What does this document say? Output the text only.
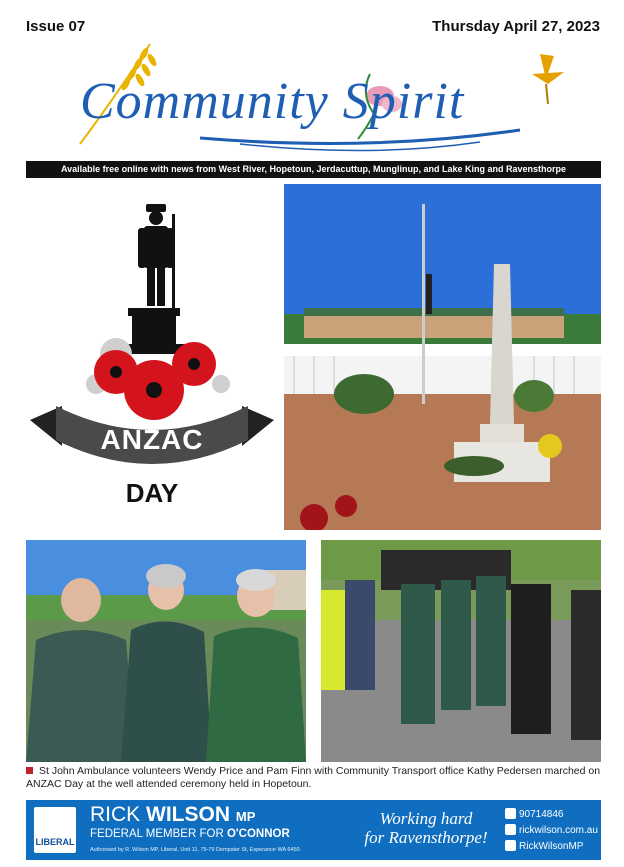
Issue 07	Thursday April 27, 2023
Community Spirit
Available free online with news from West River, Hopetoun, Jerdacuttup, Munglinup, and Lake King and Ravensthorpe
ANZAC
DAY
St John Ambulance volunteers Wendy Price and Pam Finn with Community Transport office Kathy Pedersen marched on ANZAC Day at the well attended ceremony held in Hopetoun.
LIBERAL
RICK WILSON MP
FEDERAL MEMBER FOR O'CONNOR
Authorised by R. Wilson MP, Liberal, Unit 11, 75-79 Dempster St, Esperance WA 6450.
Working hard
for Ravensthorpe!
90714846
rickwilson.com.au
RickWilsonMP
